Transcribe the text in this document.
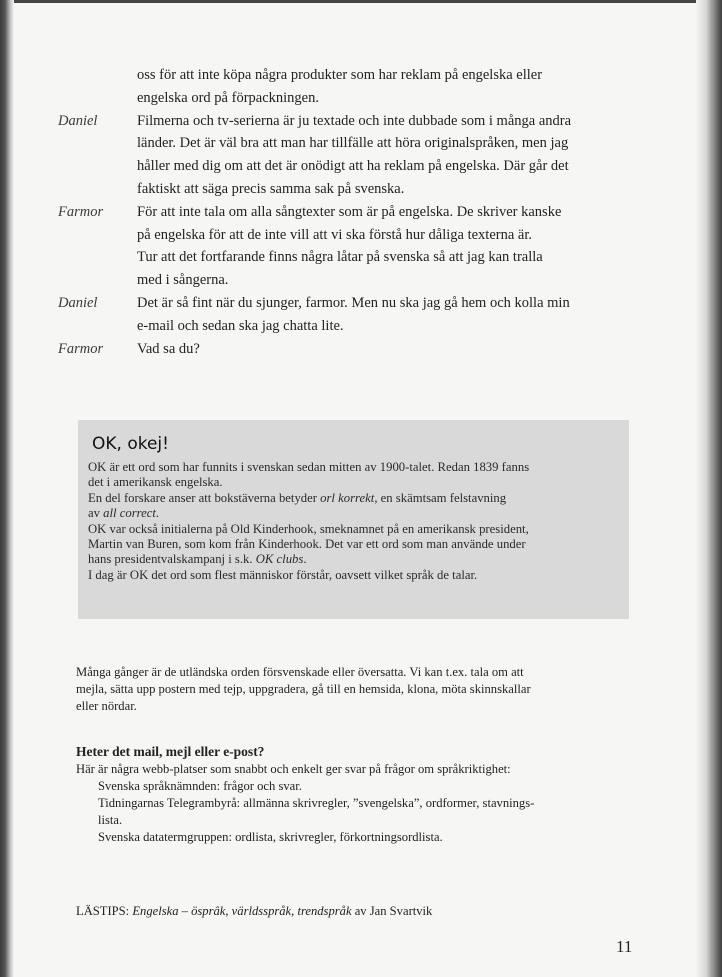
oss för att inte köpa några produkter som har reklam på engelska eller

engelska ord på förpackningen.

Daniel	Filmerna och tv-serierna är ju textade och inte dubbade som i många andra

länder. Det är väl bra att man har tillfälle att höra originalspråken, men jag

håller med dig om att det är onödigt att ha reklam på engelska. Där går det

faktiskt att säga precis samma sak på svenska.

Farmor	För att inte tala om alla sångtexter som är på engelska. De skriver kanske

på engelska för att de inte vill att vi ska förstå hur dåliga texterna är.

Tur att det fortfarande finns några låtar på svenska så att jag kan tralla

med i sångerna.

Daniel	Det är så fint när du sjunger, farmor. Men nu ska jag gå hem och kolla min

e-mail och sedan ska jag chatta lite.

Farmor	Vad sa du?

OK, okej!

OK är ett ord som har funnits i svenskan sedan mitten av 1900-talet. Redan 1839 fanns

det i amerikansk engelska.

En del forskare anser att bokstäverna betyder orl korrekt, en skämtsam felstavning

av all correct.

OK var också initialerna på Old Kinderhook, smeknamnet på en amerikansk president,

Martin van Buren, som kom från Kinderhook. Det var ett ord som man använde under

hans presidentvalskampanj i s.k. OK clubs.

I dag är OK det ord som flest människor förstår, oavsett vilket språk de talar.

Många gånger är de utländska orden försvenskade eller översatta. Vi kan t.ex. tala om att
mejla, sätta upp postern med tejp, uppgradera, gå till en hemsida, klona, möta skinnskallar
eller nördar.
Heter det mail, mejl eller e-post?

Här är några webb-platser som snabbt och enkelt ger svar på frågor om språkriktighet:

Svenska språknämnden: frågor och svar.

Tidningarnas Telegrambyrå: allmänna skrivregler, ”svengelska”, ordformer, stavnings-

lista.

Svenska datatermgruppen: ordlista, skrivregler, förkortningsordlista.

LÄSTIPS: Engelska – ösprâk, världsspråk, trendspråk av Jan Svartvik

11
